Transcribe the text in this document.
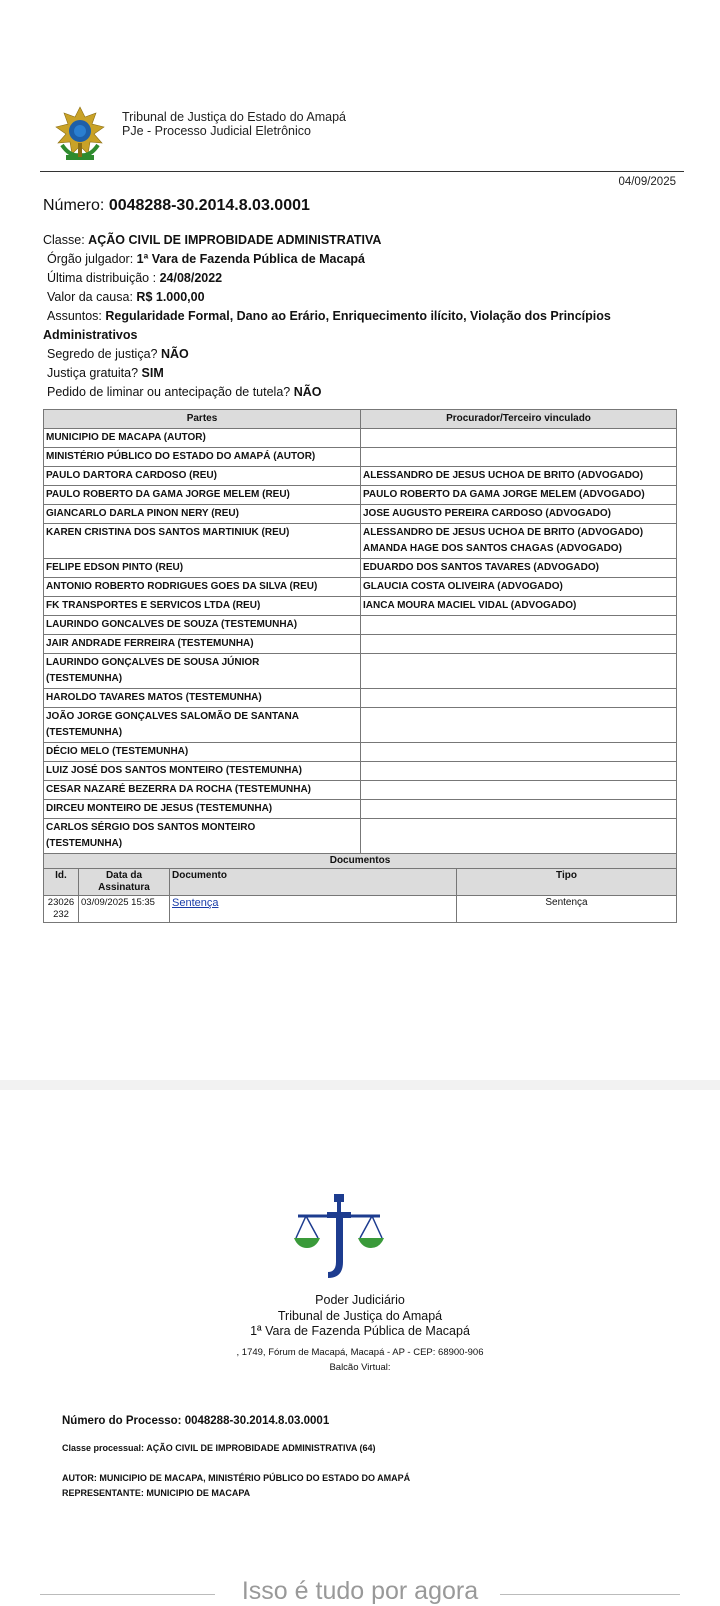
Tribunal de Justiça do Estado do Amapá
PJe - Processo Judicial Eletrônico
04/09/2025
Número: 0048288-30.2014.8.03.0001
Classe: AÇÃO CIVIL DE IMPROBIDADE ADMINISTRATIVA
Órgão julgador: 1ª Vara de Fazenda Pública de Macapá
Última distribuição : 24/08/2022
Valor da causa: R$ 1.000,00
Assuntos: Regularidade Formal, Dano ao Erário, Enriquecimento ilícito, Violação dos Princípios
Administrativos
Segredo de justiça? NÃO
Justiça gratuita? SIM
Pedido de liminar ou antecipação de tutela? NÃO
Partes	Procurador/Terceiro vinculado
MUNICIPIO DE MACAPA (AUTOR)	
MINISTÉRIO PÚBLICO DO ESTADO DO AMAPÁ (AUTOR)	
PAULO DARTORA CARDOSO (REU)	ALESSANDRO DE JESUS UCHOA DE BRITO (ADVOGADO)
PAULO ROBERTO DA GAMA JORGE MELEM (REU)	PAULO ROBERTO DA GAMA JORGE MELEM (ADVOGADO)
GIANCARLO DARLA PINON NERY (REU)	JOSE AUGUSTO PEREIRA CARDOSO (ADVOGADO)
KAREN CRISTINA DOS SANTOS MARTINIUK (REU)	ALESSANDRO DE JESUS UCHOA DE BRITO (ADVOGADO)
AMANDA HAGE DOS SANTOS CHAGAS (ADVOGADO)
FELIPE EDSON PINTO (REU)	EDUARDO DOS SANTOS TAVARES (ADVOGADO)
ANTONIO ROBERTO RODRIGUES GOES DA SILVA (REU)	GLAUCIA COSTA OLIVEIRA (ADVOGADO)
FK TRANSPORTES E SERVICOS LTDA (REU)	IANCA MOURA MACIEL VIDAL (ADVOGADO)
LAURINDO GONCALVES DE SOUZA (TESTEMUNHA)	
JAIR ANDRADE FERREIRA (TESTEMUNHA)	
LAURINDO GONÇALVES DE SOUSA JÚNIOR
(TESTEMUNHA)	
HAROLDO TAVARES MATOS (TESTEMUNHA)	
JOÃO JORGE GONÇALVES SALOMÃO DE SANTANA
(TESTEMUNHA)	
DÉCIO MELO (TESTEMUNHA)	
LUIZ JOSÉ DOS SANTOS MONTEIRO (TESTEMUNHA)	
CESAR NAZARÉ BEZERRA DA ROCHA (TESTEMUNHA)	
DIRCEU MONTEIRO DE JESUS (TESTEMUNHA)	
CARLOS SÉRGIO DOS SANTOS MONTEIRO
(TESTEMUNHA)	
Documentos			
Id.	Data da Assinatura	Documento	Tipo
23026 232	03/09/2025 15:35	Sentença	Sentença
Poder Judiciário
Tribunal de Justiça do Amapá
1ª Vara de Fazenda Pública de Macapá
, 1749, Fórum de Macapá, Macapá - AP - CEP: 68900-906
Balcão Virtual:
Número do Processo: 0048288-30.2014.8.03.0001
Classe processual: AÇÃO CIVIL DE IMPROBIDADE ADMINISTRATIVA (64)
AUTOR: MUNICIPIO DE MACAPA, MINISTÉRIO PÚBLICO DO ESTADO DO AMAPÁ
REPRESENTANTE: MUNICIPIO DE MACAPA
Isso é tudo por agora
